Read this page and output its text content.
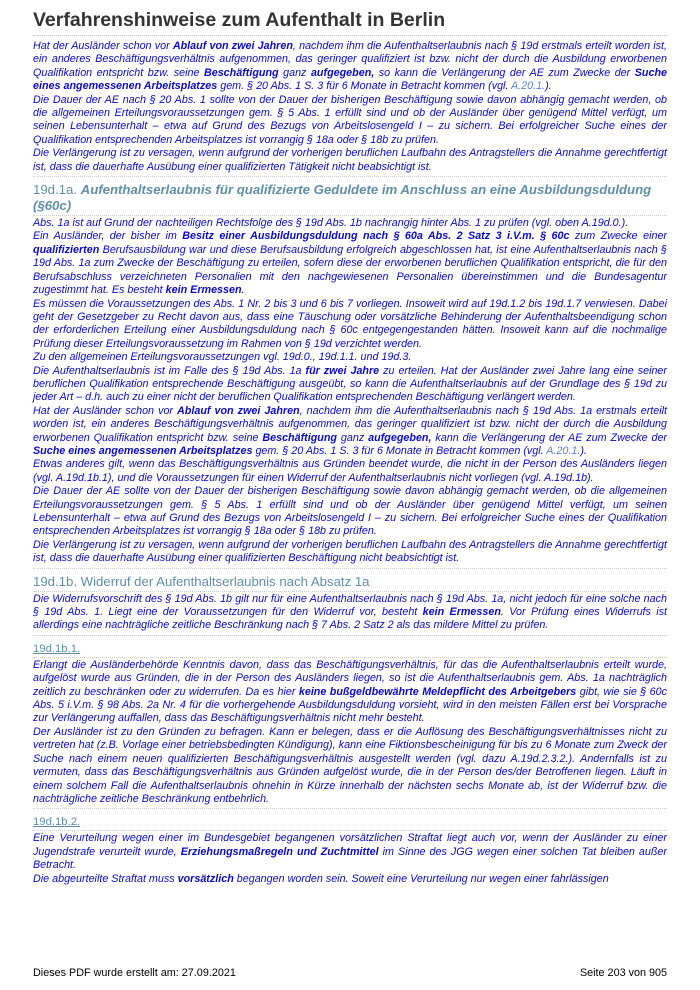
Verfahrenshinweise zum Aufenthalt in Berlin

Hat der Ausländer schon vor Ablauf von zwei Jahren, nachdem ihm die Aufenthaltserlaubnis nach § 19d erstmals erteilt worden ist, ein anderes Beschäftigungsverhältnis aufgenommen, das geringer qualifiziert ist bzw. nicht der durch die Ausbildung erworbenen Qualifikation entspricht bzw. seine Beschäftigung ganz aufgegeben, so kann die Verlängerung der AE zum Zwecke der Suche eines angemessenen Arbeitsplatzes gem. § 20 Abs. 1 S. 3 für 6 Monate in Betracht kommen (vgl. A.20.1.).

Die Dauer der AE nach § 20 Abs. 1 sollte von der Dauer der bisherigen Beschäftigung sowie davon abhängig gemacht werden, ob die allgemeinen Erteilungsvoraussetzungen gem. § 5 Abs. 1 erfüllt sind und ob der Ausländer über genügend Mittel verfügt, um seinen Lebensunterhalt – etwa auf Grund des Bezugs von Arbeitslosengeld I – zu sichern. Bei erfolgreicher Suche eines der Qualifikation entsprechenden Arbeitsplatzes ist vorrangig § 18a oder § 18b zu prüfen.

Die Verlängerung ist zu versagen, wenn aufgrund der vorherigen beruflichen Laufbahn des Antragstellers die Annahme gerechtfertigt ist, dass die dauerhafte Ausübung einer qualifizierten Tätigkeit nicht beabsichtigt ist.

19d.1a. Aufenthaltserlaubnis für qualifizierte Geduldete im Anschluss an eine Ausbildungsduldung (§60c)

Abs. 1a ist auf Grund der nachteiligen Rechtsfolge des § 19d Abs. 1b nachrangig hinter Abs. 1 zu prüfen (vgl. oben A.19d.0.).

Ein Ausländer, der bisher im Besitz einer Ausbildungsduldung nach § 60a Abs. 2 Satz 3 i.V.m. § 60c zum Zwecke einer qualifizierten Berufsausbildung war und diese Berufsausbildung erfolgreich abgeschlossen hat, ist eine Aufenthaltserlaubnis nach § 19d Abs. 1a zum Zwecke der Beschäftigung zu erteilen, sofern diese der erworbenen beruflichen Qualifikation entspricht, die für den Berufsabschluss verzeichneten Personalien mit den nachgewiesenen Personalien übereinstimmen und die Bundesagentur zugestimmt hat. Es besteht kein Ermessen.

Es müssen die Voraussetzungen des Abs. 1 Nr. 2 bis 3 und 6 bis 7 vorliegen. Insoweit wird auf 19d.1.2 bis 19d.1.7 verwiesen. Dabei geht der Gesetzgeber zu Recht davon aus, dass eine Täuschung oder vorsätzliche Behinderung der Aufenthaltsbeendigung schon der erforderlichen Erteilung einer Ausbildungsduldung nach § 60c entgegengestanden hätten. Insoweit kann auf die nochmalige Prüfung dieser Erteilungsvoraussetzung im Rahmen von § 19d verzichtet werden.

Zu den allgemeinen Erteilungsvoraussetzungen vgl. 19d.0., 19d.1.1. und 19d.3.

Die Aufenthaltserlaubnis ist im Falle des § 19d Abs. 1a für zwei Jahre zu erteilen. Hat der Ausländer zwei Jahre lang eine seiner beruflichen Qualifikation entsprechende Beschäftigung ausgeübt, so kann die Aufenthaltserlaubnis auf der Grundlage des § 19d zu jeder Art – d.h. auch zu einer nicht der beruflichen Qualifikation entsprechenden Beschäftigung verlängert werden.

Hat der Ausländer schon vor Ablauf von zwei Jahren, nachdem ihm die Aufenthaltserlaubnis nach § 19d Abs. 1a erstmals erteilt worden ist, ein anderes Beschäftigungsverhältnis aufgenommen, das geringer qualifiziert ist bzw. nicht der durch die Ausbildung erworbenen Qualifikation entspricht bzw. seine Beschäftigung ganz aufgegeben, kann die Verlängerung der AE zum Zwecke der Suche eines angemessenen Arbeitsplatzes gem. § 20 Abs. 1 S. 3 für 6 Monate in Betracht kommen (vgl. A.20.1.).

Etwas anderes gilt, wenn das Beschäftigungsverhältnis aus Gründen beendet wurde, die nicht in der Person des Ausländers liegen (vgl. A.19d.1b.1), und die Voraussetzungen für einen Widerruf der Aufenthaltserlaubnis nicht vorliegen (vgl. A.19d.1b).

Die Dauer der AE sollte von der Dauer der bisherigen Beschäftigung sowie davon abhängig gemacht werden, ob die allgemeinen Erteilungsvoraussetzungen gem. § 5 Abs. 1 erfüllt sind und ob der Ausländer über genügend Mittel verfügt, um seinen Lebensunterhalt – etwa auf Grund des Bezugs von Arbeitslosengeld I – zu sichern. Bei erfolgreicher Suche eines der Qualifikation entsprechenden Arbeitsplatzes ist vorrangig § 18a oder § 18b zu prüfen.

Die Verlängerung ist zu versagen, wenn aufgrund der vorherigen beruflichen Laufbahn des Antragstellers die Annahme gerechtfertigt ist, dass die dauerhafte Ausübung einer qualifizierten Beschäftigung nicht beabsichtigt ist.

19d.1b. Widerruf der Aufenthaltserlaubnis nach Absatz 1a

Die Widerrufsvorschrift des § 19d Abs. 1b gilt nur für eine Aufenthaltserlaubnis nach § 19d Abs. 1a, nicht jedoch für eine solche nach § 19d Abs. 1. Liegt eine der Voraussetzungen für den Widerruf vor, besteht kein Ermessen. Vor Prüfung eines Widerrufs ist allerdings eine nachträgliche zeitliche Beschränkung nach § 7 Abs. 2 Satz 2 als das mildere Mittel zu prüfen.

19d.1b.1.

Erlangt die Ausländerbehörde Kenntnis davon, dass das Beschäftigungsverhältnis, für das die Aufenthaltserlaubnis erteilt wurde, aufgelöst wurde aus Gründen, die in der Person des Ausländers liegen, so ist die Aufenthaltserlaubnis gem. Abs. 1a nachträglich zeitlich zu beschränken oder zu widerrufen. Da es hier keine bußgeldbewährte Meldepflicht des Arbeitgebers gibt, wie sie § 60c Abs. 5 i.V.m. § 98 Abs. 2a Nr. 4 für die vorhergehende Ausbildungsduldung vorsieht, wird in den meisten Fällen erst bei Vorsprache zur Verlängerung auffallen, dass das Beschäftigungsverhältnis nicht mehr besteht.

Der Ausländer ist zu den Gründen zu befragen. Kann er belegen, dass er die Auflösung des Beschäftigungsverhältnisses nicht zu vertreten hat (z.B. Vorlage einer betriebsbedingten Kündigung), kann eine Fiktionsbescheinigung für bis zu 6 Monate zum Zweck der Suche nach einem neuen qualifizierten Beschäftigungsverhältnis ausgestellt werden (vgl. dazu A.19d.2.3.2.). Andernfalls ist zu vermuten, dass das Beschäftigungsverhältnis aus Gründen aufgelöst wurde, die in der Person des/der Betroffenen liegen. Läuft in einem solchem Fall die Aufenthaltserlaubnis ohnehin in Kürze innerhalb der nächsten sechs Monate ab, ist der Widerruf bzw. die nachträgliche zeitliche Beschränkung entbehrlich.

19d.1b.2.

Eine Verurteilung wegen einer im Bundesgebiet begangenen vorsätzlichen Straftat liegt auch vor, wenn der Ausländer zu einer Jugendstrafe verurteilt wurde, Erziehungsmaßregeln und Zuchtmittel im Sinne des JGG wegen einer solchen Tat bleiben außer Betracht.

Die abgeurteilte Straftat muss vorsätzlich begangen worden sein. Soweit eine Verurteilung nur wegen einer fahrlässigen

Dieses PDF wurde erstellt am: 27.09.2021	Seite 203 von 905
